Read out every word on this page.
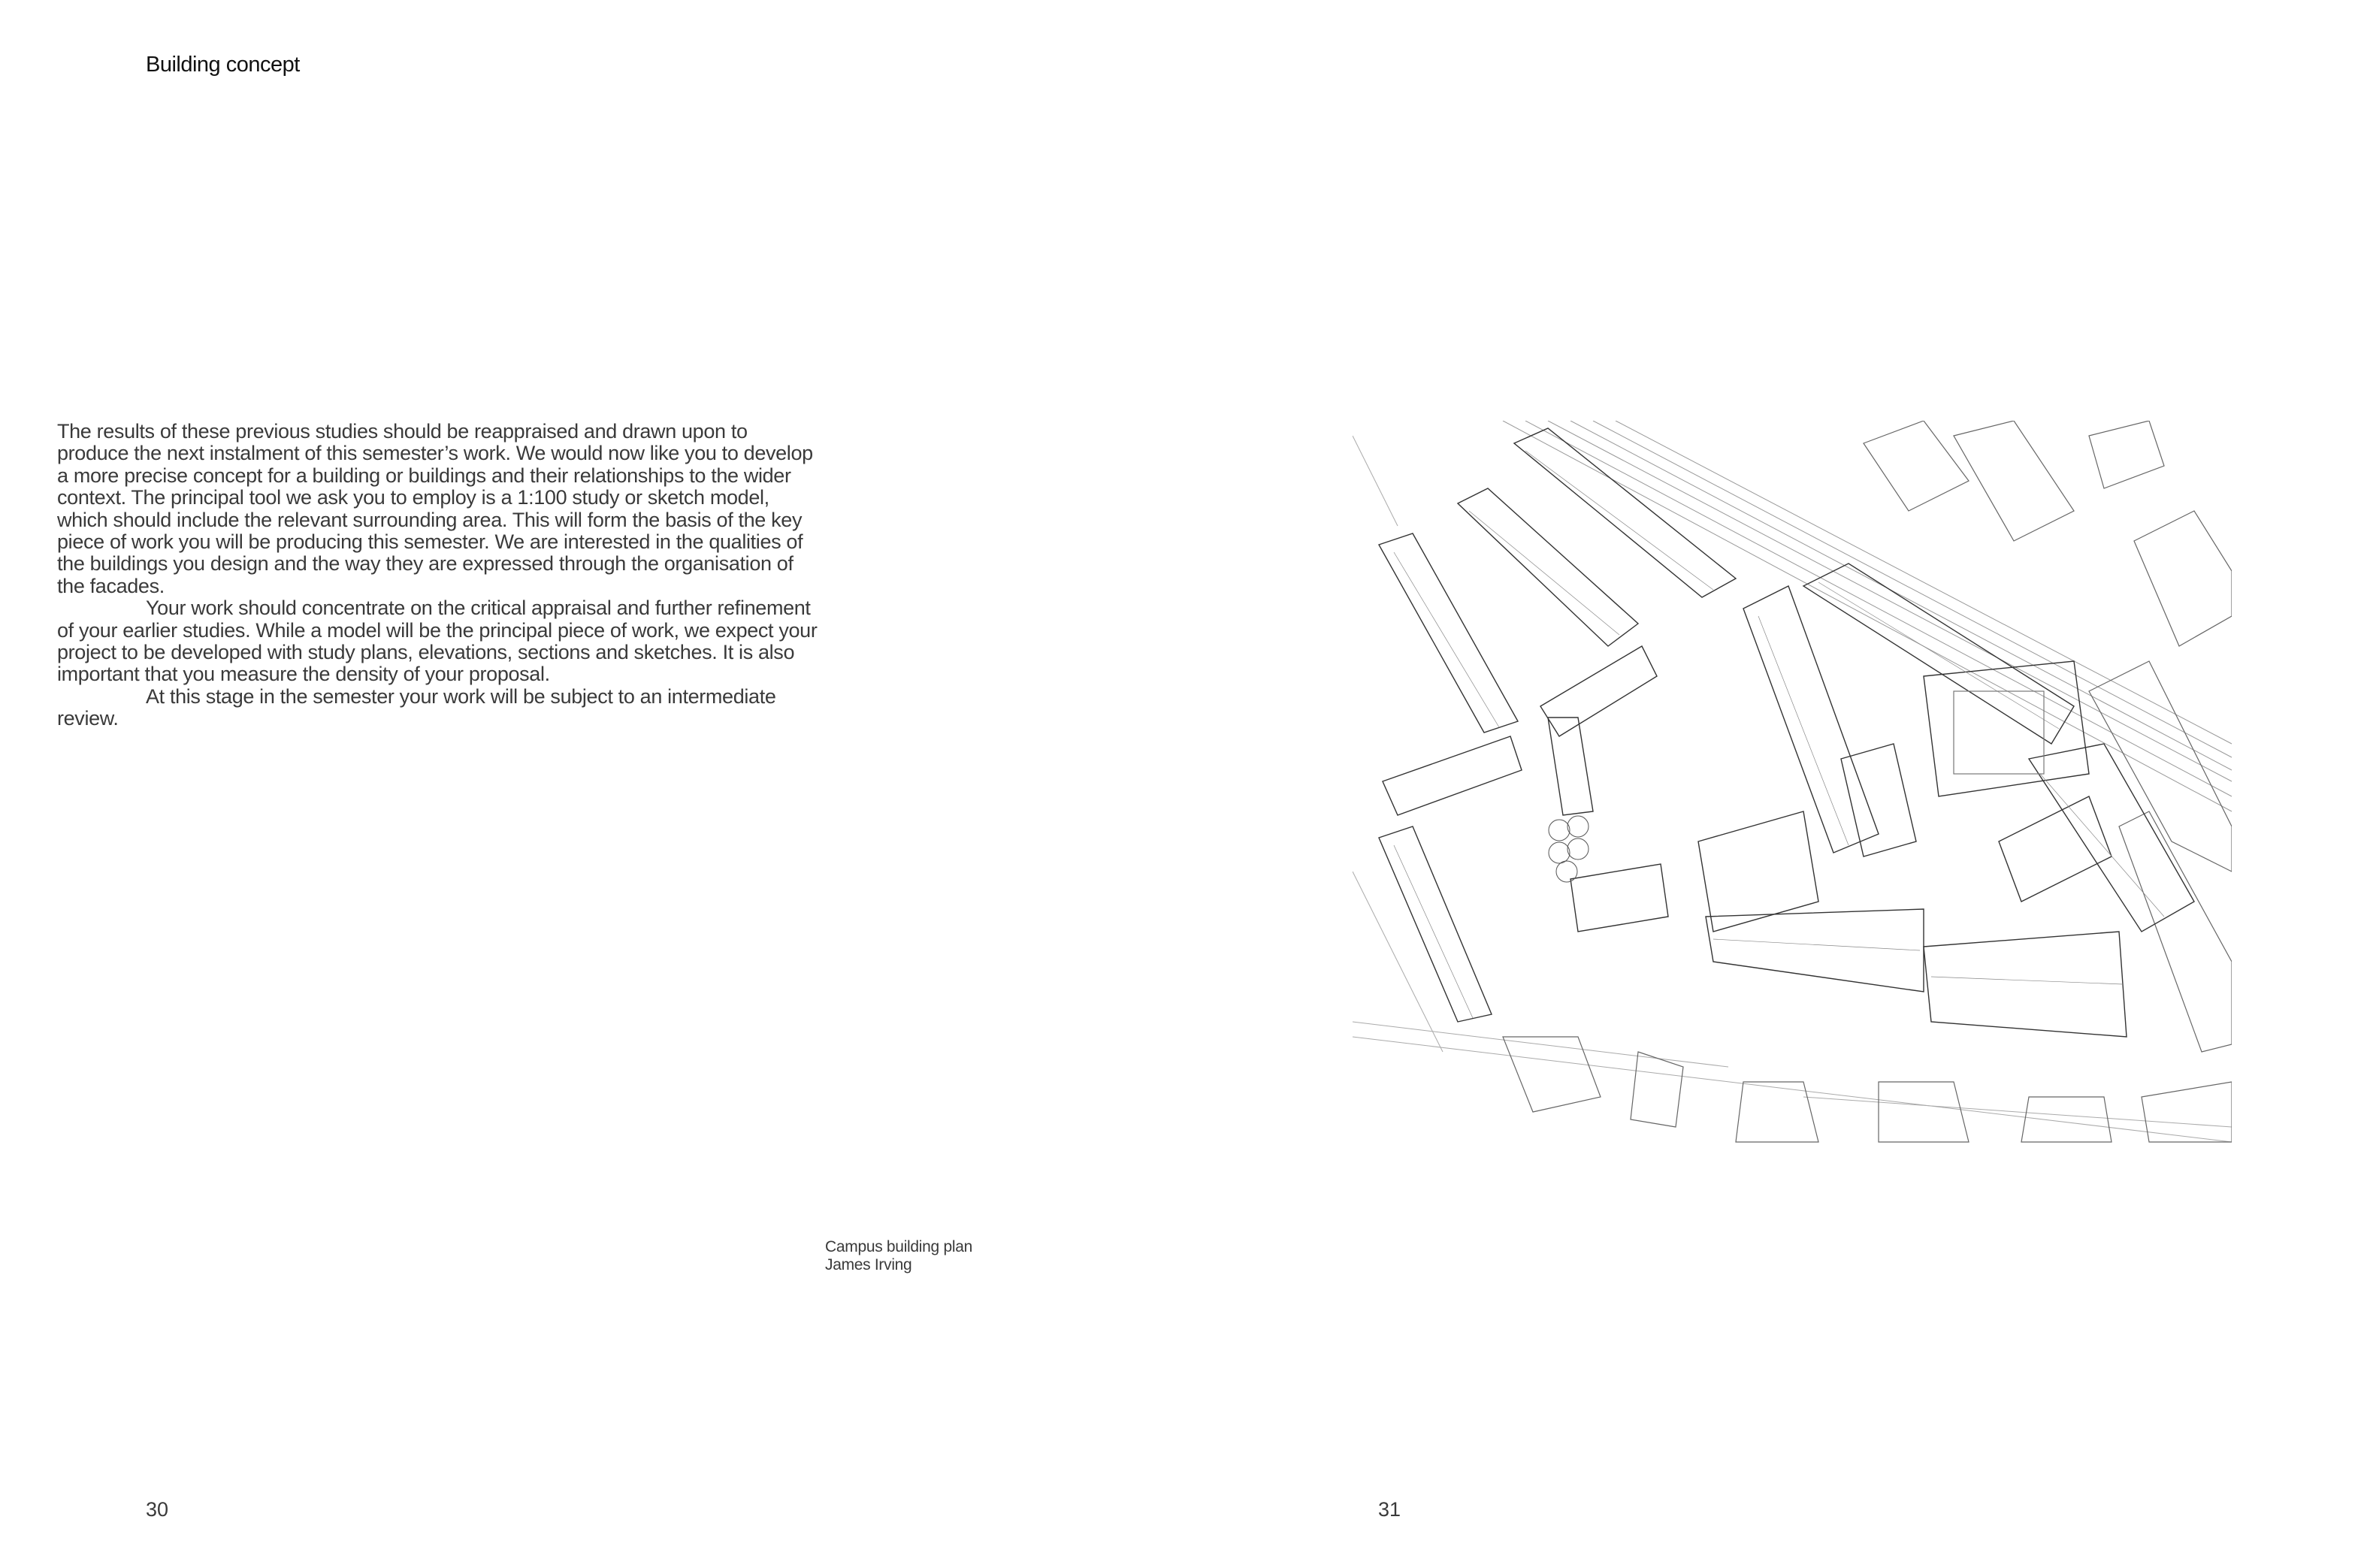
Building concept

The results of these previous studies should be reappraised and drawn upon to produce the next instalment of this semester’s work. We would now like you to develop a more precise concept for a building or buildings and their relationships to the wider context. The principal tool we ask you to employ is a 1:100 study or sketch model, which should include the relevant surrounding area. This will form the basis of the key piece of work you will be producing this semester. We are interested in the qualities of the buildings you design and the way they are expressed through the organisation of the facades.

Your work should concentrate on the critical appraisal and further refinement of your earlier studies. While a model will be the principal piece of work, we expect your project to be developed with study plans, elevations, sections and sketches. It is also important that you measure the density of your proposal.

At this stage in the semester your work will be subject to an intermediate review.

Campus building plan
James Irving
30	31
